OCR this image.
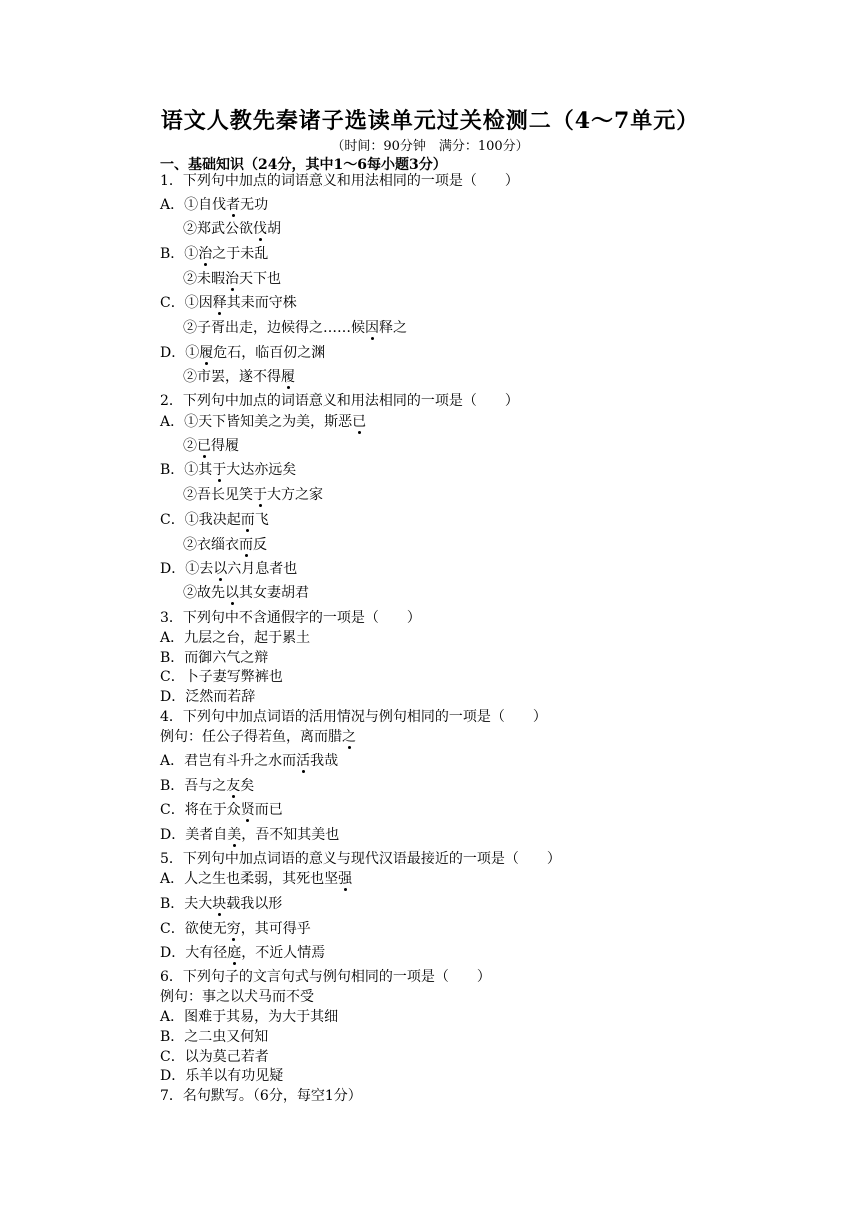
语文人教先秦诸子选读单元过关检测二（4～7单元）
（时间：90分钟　满分：100分）
一、基础知识（24分，其中1～6每小题3分）
1．下列句中加点的词语意义和用法相同的一项是（　　）
A．①自伐者无功
②郑武公欲伐胡
B．①治之于未乱
②未暇治天下也
C．①因释其耒而守株
②子胥出走，边候得之……候因释之
D．①履危石，临百仞之渊
②市罢，遂不得履
2．下列句中加点的词语意义和用法相同的一项是（　　）
A．①天下皆知美之为美，斯恶已
②已得履
B．①其于大达亦远矣
②吾长见笑于大方之家
C．①我决起而飞
②衣缁衣而反
D．①去以六月息者也
②故先以其女妻胡君
3．下列句中不含通假字的一项是（　　）
A．九层之台，起于累土
B．而御六气之辩
C．卜子妻写弊裤也
D．泛然而若辞
4．下列句中加点词语的活用情况与例句相同的一项是（　　）
例句：任公子得若鱼，离而腊之
A．君岂有斗升之水而活我哉
B．吾与之友矣
C．将在于众贤而已
D．美者自美，吾不知其美也
5．下列句中加点词语的意义与现代汉语最接近的一项是（　　）
A．人之生也柔弱，其死也坚强
B．夫大块载我以形
C．欲使无穷，其可得乎
D．大有径庭，不近人情焉
6．下列句子的文言句式与例句相同的一项是（　　）
例句：事之以犬马而不受
A．图难于其易，为大于其细
B．之二虫又何知
C．以为莫己若者
D．乐羊以有功见疑
7．名句默写。（6分，每空1分）
